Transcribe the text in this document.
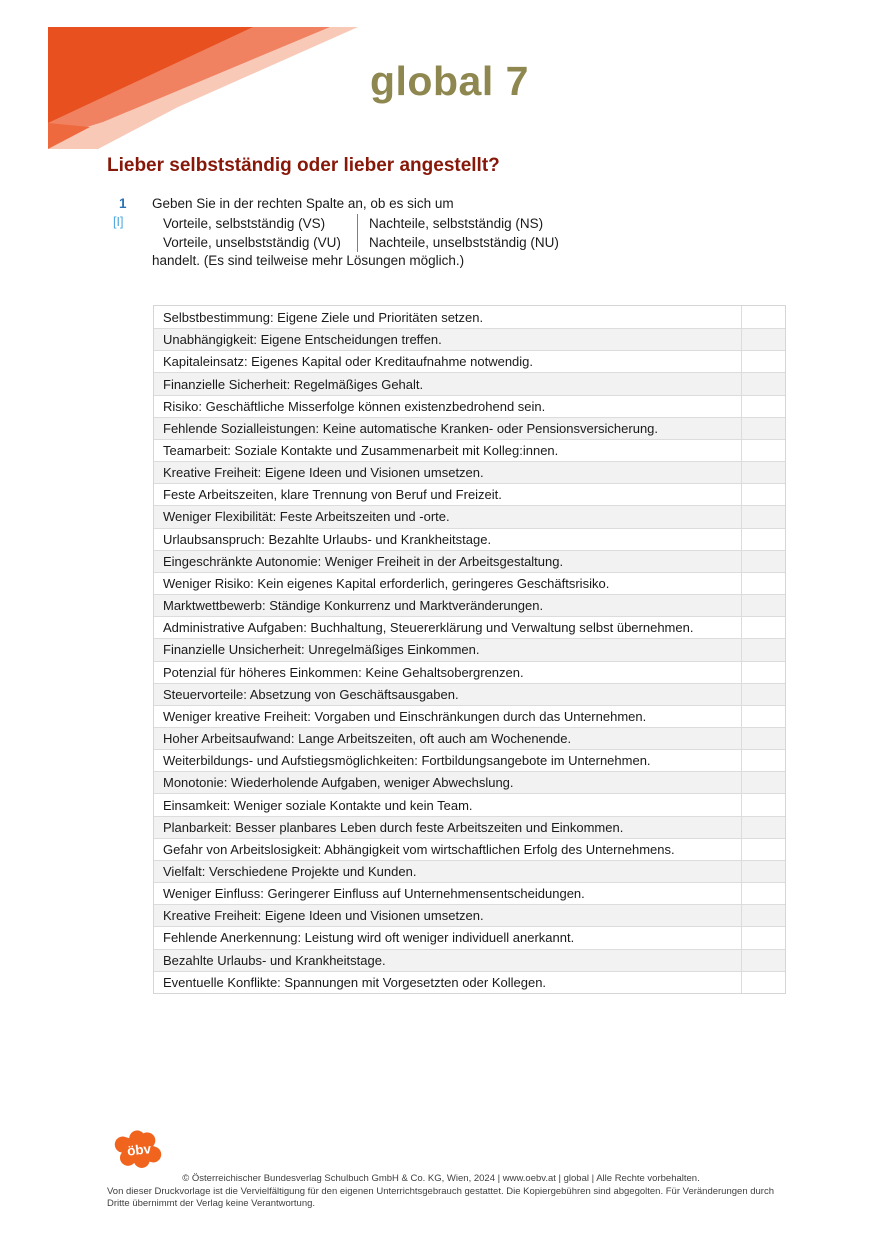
global 7
Lieber selbstständig oder lieber angestellt?
1
[I]
Geben Sie in der rechten Spalte an, ob es sich um
Vorteile, selbstständig (VS)
Vorteile, unselbstständig (VU)
Nachteile, selbstständig (NS)
Nachteile, unselbstständig (NU)
handelt. (Es sind teilweise mehr Lösungen möglich.)
Selbstbestimmung: Eigene Ziele und Prioritäten setzen.
Unabhängigkeit: Eigene Entscheidungen treffen.
Kapitaleinsatz: Eigenes Kapital oder Kreditaufnahme notwendig.
Finanzielle Sicherheit: Regelmäßiges Gehalt.
Risiko: Geschäftliche Misserfolge können existenzbedrohend sein.
Fehlende Sozialleistungen: Keine automatische Kranken- oder Pensionsversicherung.
Teamarbeit: Soziale Kontakte und Zusammenarbeit mit Kolleg:innen.
Kreative Freiheit: Eigene Ideen und Visionen umsetzen.
Feste Arbeitszeiten, klare Trennung von Beruf und Freizeit.
Weniger Flexibilität: Feste Arbeitszeiten und -orte.
Urlaubsanspruch: Bezahlte Urlaubs- und Krankheitstage.
Eingeschränkte Autonomie: Weniger Freiheit in der Arbeitsgestaltung.
Weniger Risiko: Kein eigenes Kapital erforderlich, geringeres Geschäftsrisiko.
Marktwettbewerb: Ständige Konkurrenz und Marktveränderungen.
Administrative Aufgaben: Buchhaltung, Steuererklärung und Verwaltung selbst übernehmen.
Finanzielle Unsicherheit: Unregelmäßiges Einkommen.
Potenzial für höheres Einkommen: Keine Gehaltsobergrenzen.
Steuervorteile: Absetzung von Geschäftsausgaben.
Weniger kreative Freiheit: Vorgaben und Einschränkungen durch das Unternehmen.
Hoher Arbeitsaufwand: Lange Arbeitszeiten, oft auch am Wochenende.
Weiterbildungs- und Aufstiegsmöglichkeiten: Fortbildungsangebote im Unternehmen.
Monotonie: Wiederholende Aufgaben, weniger Abwechslung.
Einsamkeit: Weniger soziale Kontakte und kein Team.
Planbarkeit: Besser planbares Leben durch feste Arbeitszeiten und Einkommen.
Gefahr von Arbeitslosigkeit: Abhängigkeit vom wirtschaftlichen Erfolg des Unternehmens.
Vielfalt: Verschiedene Projekte und Kunden.
Weniger Einfluss: Geringerer Einfluss auf Unternehmensentscheidungen.
Kreative Freiheit: Eigene Ideen und Visionen umsetzen.
Fehlende Anerkennung: Leistung wird oft weniger individuell anerkannt.
Bezahlte Urlaubs- und Krankheitstage.
Eventuelle Konflikte: Spannungen mit Vorgesetzten oder Kollegen.
öbv
© Österreichischer Bundesverlag Schulbuch GmbH & Co. KG, Wien, 2024 | www.oebv.at | global | Alle Rechte vorbehalten.
Von dieser Druckvorlage ist die Vervielfältigung für den eigenen Unterrichtsgebrauch gestattet. Die Kopiergebühren sind abgegolten. Für Veränderungen durch Dritte übernimmt der Verlag keine Verantwortung.
